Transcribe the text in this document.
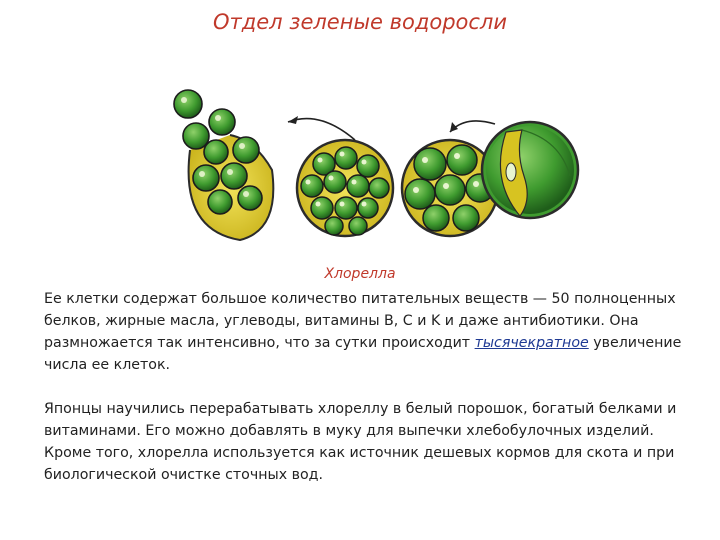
Отдел зеленые водоросли
Хлорелла
Ее клетки содержат большое количество питательных веществ — 50 полноценных белков, жирные масла, углеводы, витамины B, C и K и даже антибиотики. Она размножается так интенсивно, что за сутки происходит тысячекратное увеличение числа ее клеток.
Японцы научились перерабатывать хлореллу в белый порошок, богатый белками и витаминами. Его можно добавлять в муку для выпечки хлебобулочных изделий. Кроме того, хлорелла используется как источник дешевых кормов для скота и при биологической очистке сточных вод.
